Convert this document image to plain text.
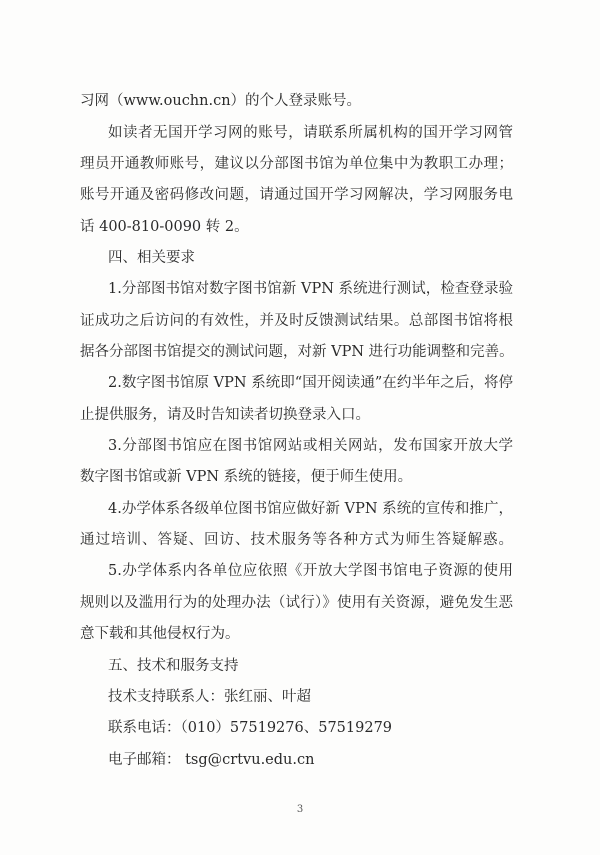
习网（www.ouchn.cn）的个人登录账号。
如读者无国开学习网的账号，请联系所属机构的国开学习网管
理员开通教师账号，建议以分部图书馆为单位集中为教职工办理；
账号开通及密码修改问题，请通过国开学习网解决，学习网服务电
话 400-810-0090 转 2。
四、相关要求
1.分部图书馆对数字图书馆新 VPN 系统进行测试，检查登录验
证成功之后访问的有效性，并及时反馈测试结果。总部图书馆将根
据各分部图书馆提交的测试问题，对新 VPN 进行功能调整和完善。
2.数字图书馆原 VPN 系统即“国开阅读通”在约半年之后，将停
止提供服务，请及时告知读者切换登录入口。
3.分部图书馆应在图书馆网站或相关网站，发布国家开放大学
数字图书馆或新 VPN 系统的链接，便于师生使用。
4.办学体系各级单位图书馆应做好新 VPN 系统的宣传和推广，
通过培训、答疑、回访、技术服务等各种方式为师生答疑解惑。
5.办学体系内各单位应依照《开放大学图书馆电子资源的使用
规则以及滥用行为的处理办法（试行）》使用有关资源，避免发生恶
意下载和其他侵权行为。
五、技术和服务支持
技术支持联系人：张红丽、叶超
联系电话：（010）57519276、57519279
电子邮箱： tsg@crtvu.edu.cn
3
